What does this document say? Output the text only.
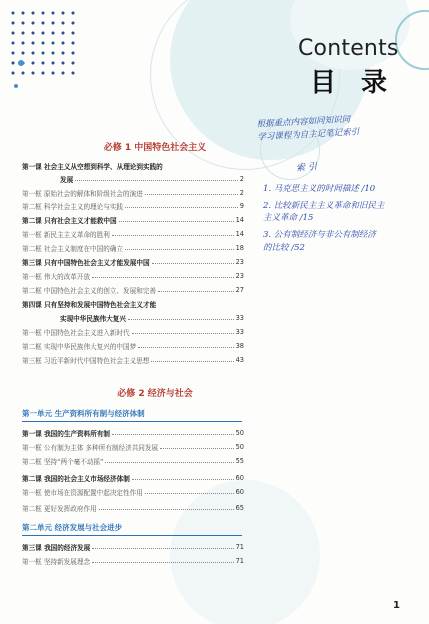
Contents
目 录
根据重点内容如同知识同
学习课程为自主记笔记索引
索 引
1. 马克思主义的时间描述 /10
2. 比较新民主主义革命和旧民主
主义革命 /15
3. 公有制经济与非公有制经济
的比较 /52
必修 1 中国特色社会主义
第一课 社会主义从空想到科学、从理论到实践的
发展	2
第一框 原始社会的解体和阶级社会的演进	2
第二框 科学社会主义的理论与实践	9
第二课 只有社会主义才能救中国	14
第一框 新民主主义革命的胜利	14
第二框 社会主义制度在中国的确立	18
第三课 只有中国特色社会主义才能发展中国	23
第一框 伟大的改革开放	23
第二框 中国特色社会主义的创立、发展和完善	27
第四课 只有坚持和发展中国特色社会主义才能
实现中华民族伟大复兴	33
第一框 中国特色社会主义进入新时代	33
第二框 实现中华民族伟大复兴的中国梦	38
第三框 习近平新时代中国特色社会主义思想	43
必修 2 经济与社会
第一单元 生产资料所有制与经济体制
第一课 我国的生产资料所有制	50
第一框 公有制为主体 多种所有制经济共同发展	50
第二框 坚持“两个毫不动摇”	55
第二课 我国的社会主义市场经济体制	60
第一框 使市场在资源配置中起决定性作用	60
第二框 更好发挥政府作用	65
第二单元 经济发展与社会进步
第三课 我国的经济发展	71
第一框 坚持新发展理念	71
1
